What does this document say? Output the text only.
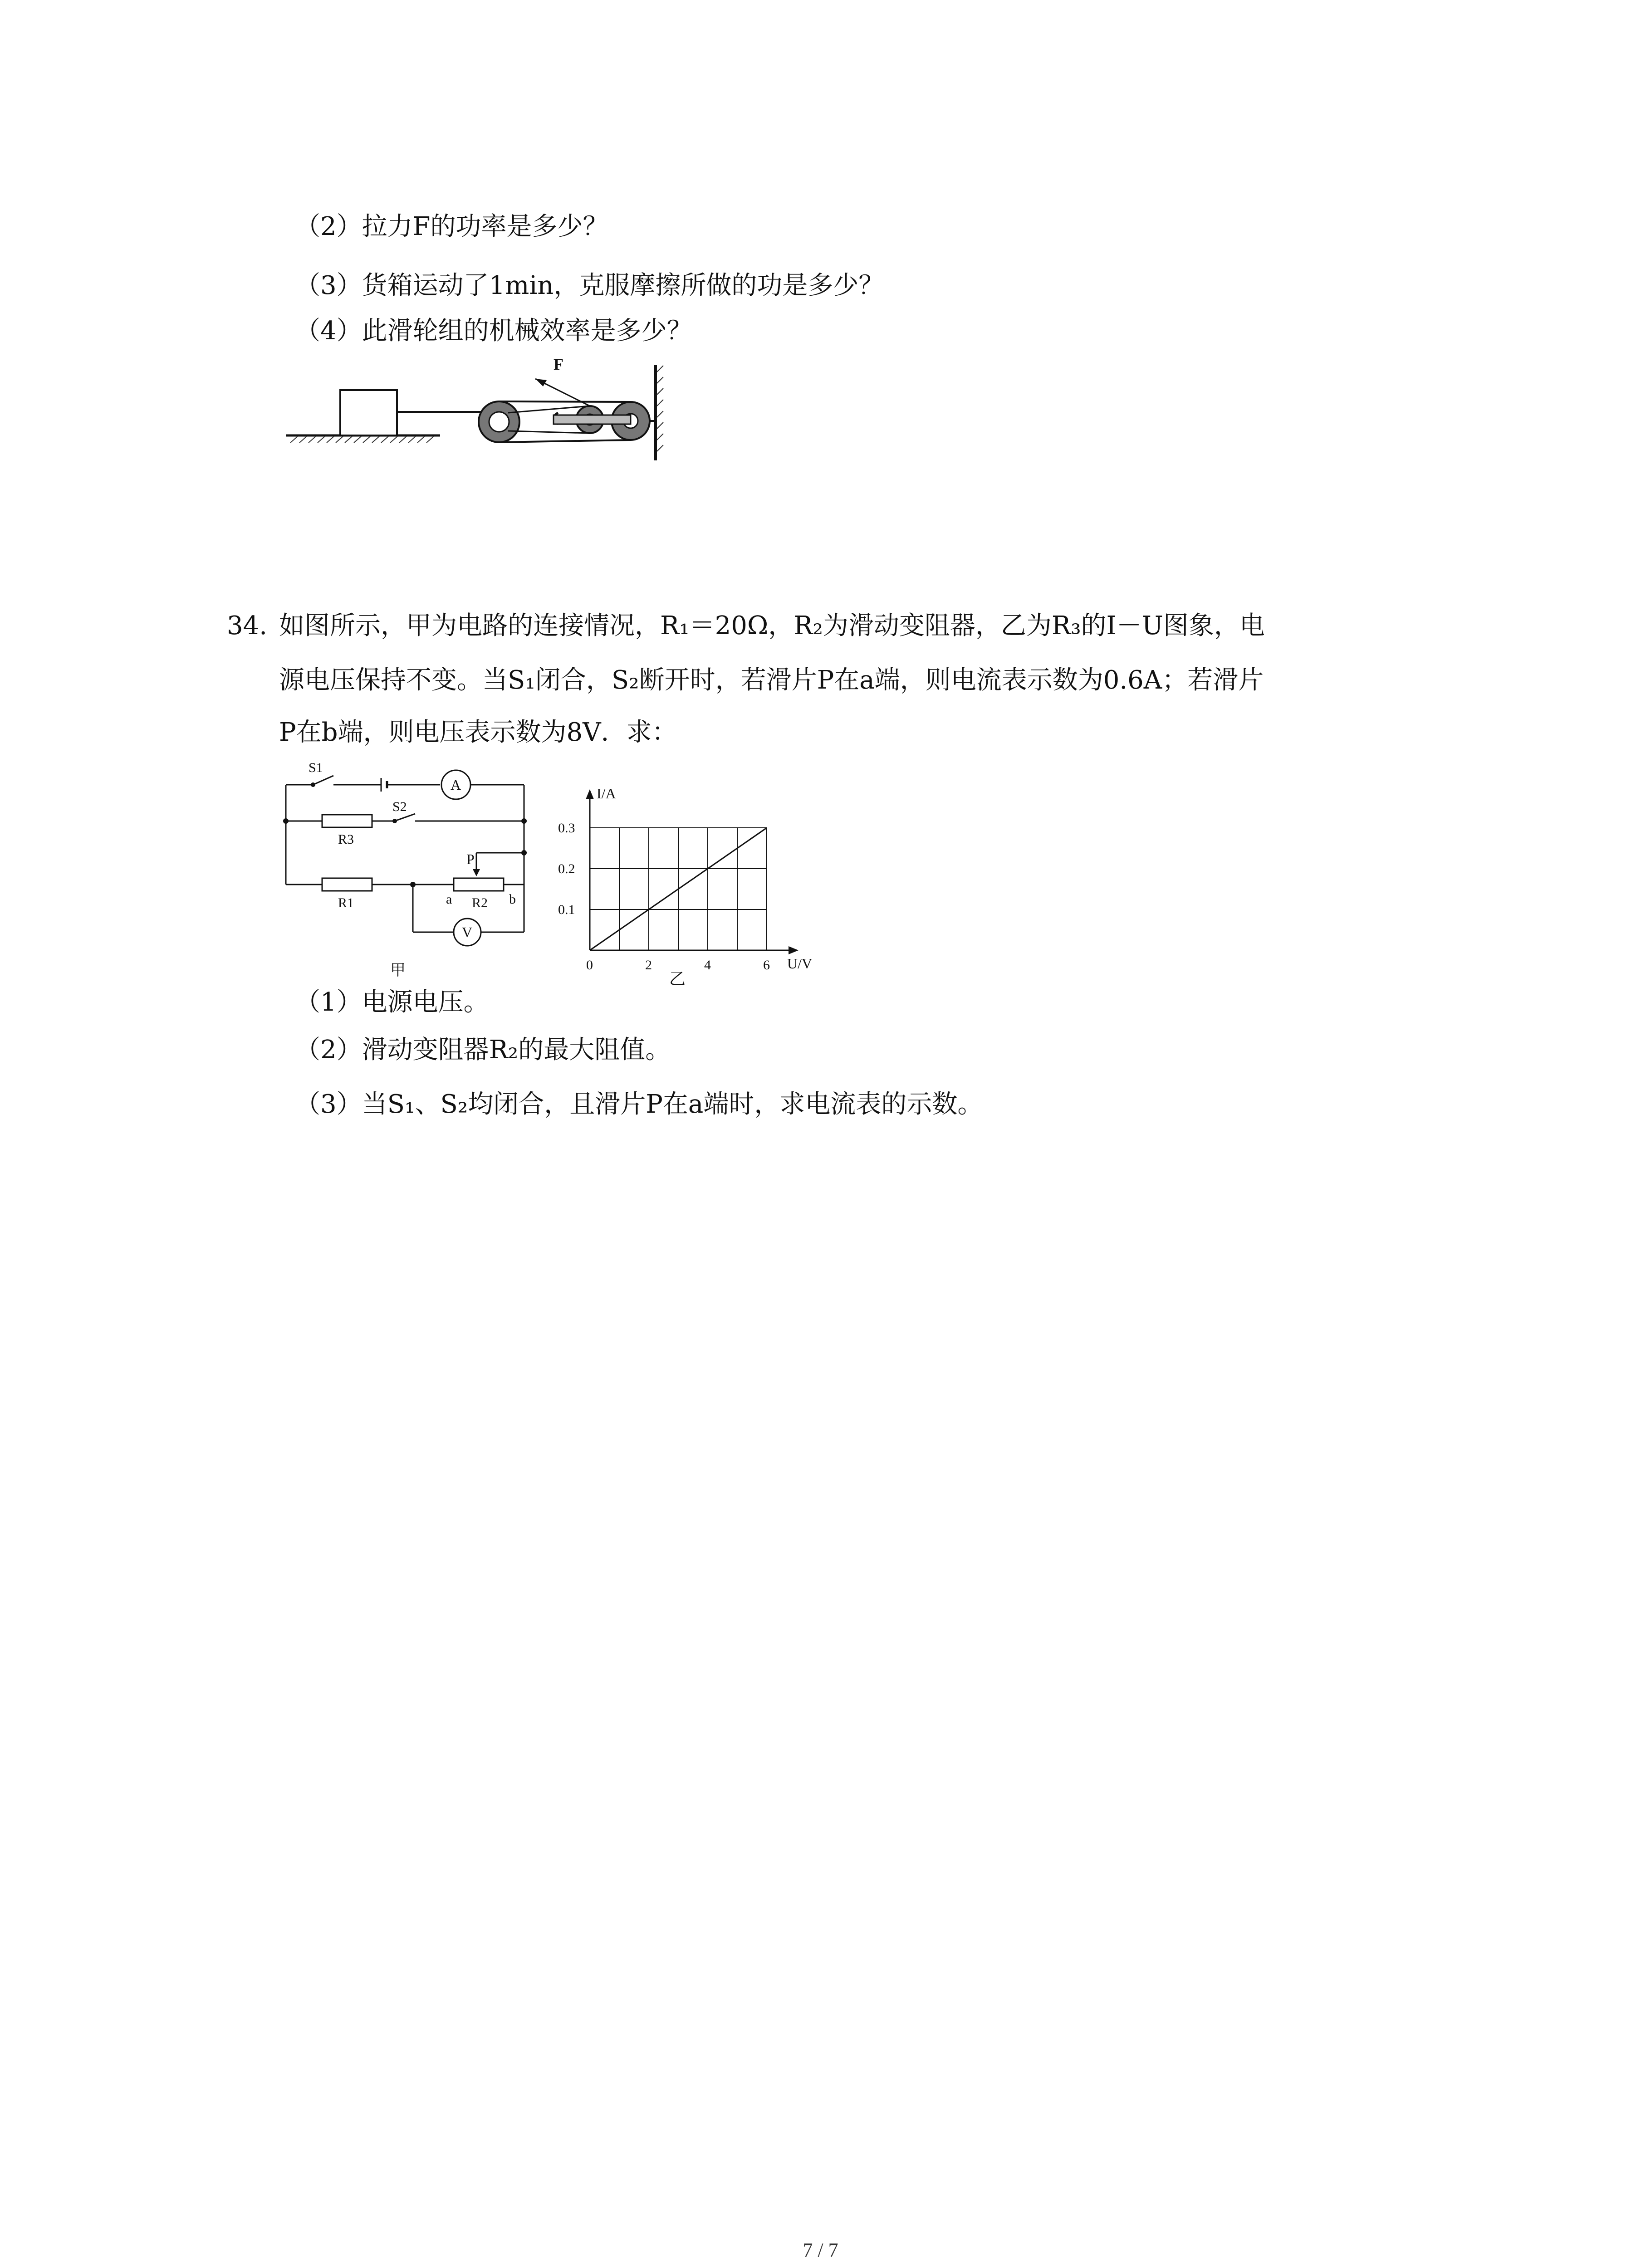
（2）拉力F的功率是多少？
（3）货箱运动了1min，克服摩擦所做的功是多少？
（4）此滑轮组的机械效率是多少？
F
34. 如图所示，甲为电路的连接情况，R₁＝20Ω，R₂为滑动变阻器，乙为R₃的I－U图象，电
源电压保持不变。当S₁闭合，S₂断开时，若滑片P在a端，则电流表示数为0.6A；若滑片
P在b端，则电压表示数为8V．求：
S1
A
S2
R3
P
R1	a R2 b
V
甲	0	2	4	6
0.1
0.2
0.3
I/A
U/V
乙
（1）电源电压。
（2）滑动变阻器R₂的最大阻值。
（3）当S₁、S₂均闭合，且滑片P在a端时，求电流表的示数。
7 / 7
